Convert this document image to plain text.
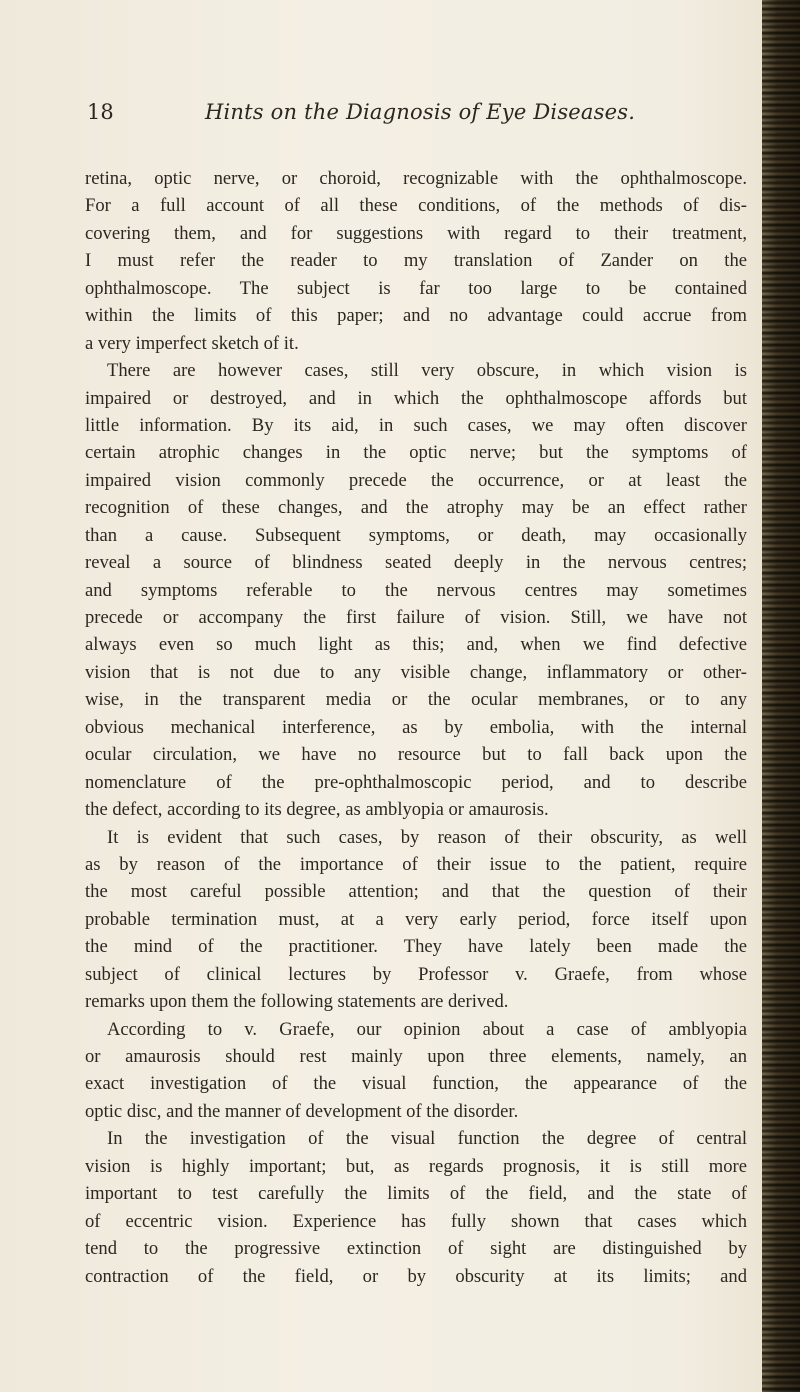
18	Hints on the Diagnosis of Eye Diseases.
retina, optic nerve, or choroid, recognizable with the ophthalmoscope.
For a full account of all these conditions, of the methods of dis-
covering them, and for suggestions with regard to their treatment,
I must refer the reader to my translation of Zander on the
ophthalmoscope. The subject is far too large to be contained
within the limits of this paper; and no advantage could accrue from
a very imperfect sketch of it.
There are however cases, still very obscure, in which vision is
impaired or destroyed, and in which the ophthalmoscope affords but
little information. By its aid, in such cases, we may often discover
certain atrophic changes in the optic nerve; but the symptoms of
impaired vision commonly precede the occurrence, or at least the
recognition of these changes, and the atrophy may be an effect rather
than a cause. Subsequent symptoms, or death, may occasionally
reveal a source of blindness seated deeply in the nervous centres;
and symptoms referable to the nervous centres may sometimes
precede or accompany the first failure of vision. Still, we have not
always even so much light as this; and, when we find defective
vision that is not due to any visible change, inflammatory or other-
wise, in the transparent media or the ocular membranes, or to any
obvious mechanical interference, as by embolia, with the internal
ocular circulation, we have no resource but to fall back upon the
nomenclature of the pre-ophthalmoscopic period, and to describe
the defect, according to its degree, as amblyopia or amaurosis.
It is evident that such cases, by reason of their obscurity, as well
as by reason of the importance of their issue to the patient, require
the most careful possible attention; and that the question of their
probable termination must, at a very early period, force itself upon
the mind of the practitioner. They have lately been made the
subject of clinical lectures by Professor v. Graefe, from whose
remarks upon them the following statements are derived.
According to v. Graefe, our opinion about a case of amblyopia
or amaurosis should rest mainly upon three elements, namely, an
exact investigation of the visual function, the appearance of the
optic disc, and the manner of development of the disorder.
In the investigation of the visual function the degree of central
vision is highly important; but, as regards prognosis, it is still more
important to test carefully the limits of the field, and the state of
of eccentric vision. Experience has fully shown that cases which
tend to the progressive extinction of sight are distinguished by
contraction of the field, or by obscurity at its limits; and
